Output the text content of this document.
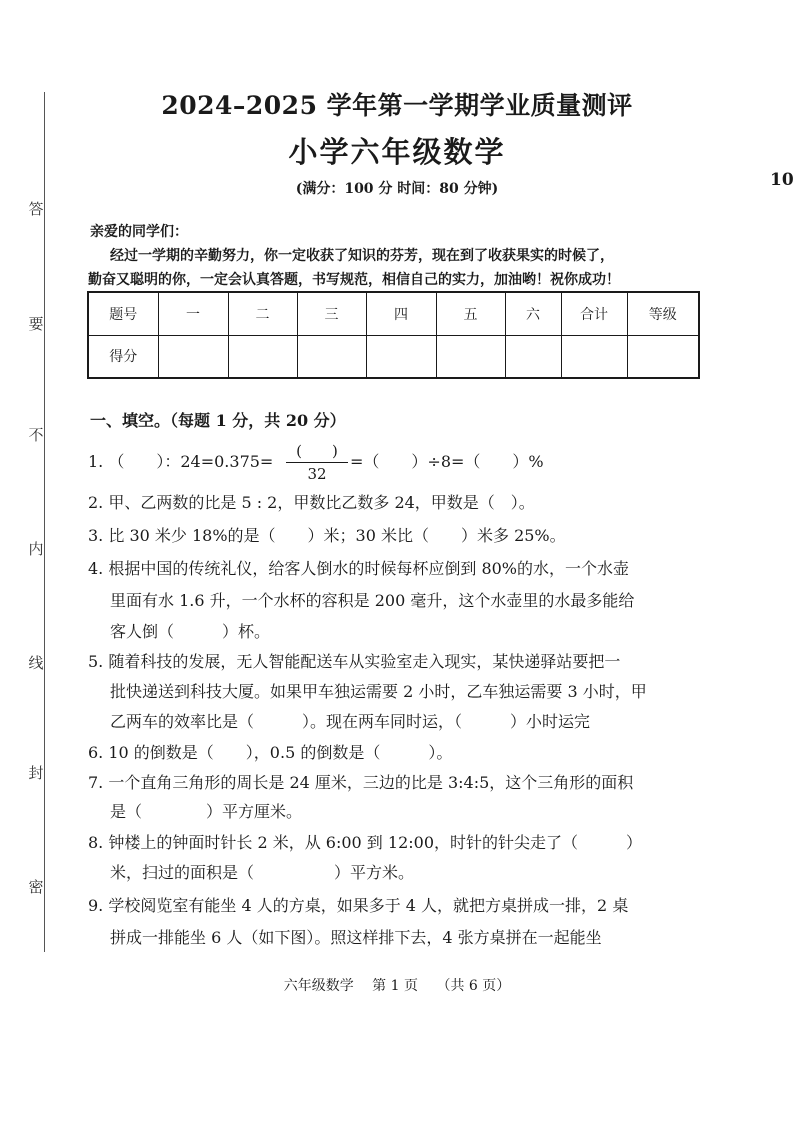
答
要
不
内
线
封
密
2024–2025 学年第一学期学业质量测评
小学六年级数学
(满分：100 分 时间：80 分钟)	10
亲爱的同学们：
经过一学期的辛勤努力，你一定收获了知识的芬芳，现在到了收获果实的时候了，
勤奋又聪明的你，一定会认真答题，书写规范，相信自己的实力，加油哟！祝你成功！
题号	一	二	三	四	五	六	合计	等级
得分								
一、填空。（每题 1 分，共 20 分）
1. （　　）：24=0.375=
(　　)
32
=（　　）÷8=（　　）%
2. 甲、乙两数的比是 5 : 2，甲数比乙数多 24，甲数是（　）。
3. 比 30 米少 18%的是（　　）米；30 米比（　　）米多 25%。
4. 根据中国的传统礼仪，给客人倒水的时候每杯应倒到 80%的水，一个水壶
里面有水 1.6 升，一个水杯的容积是 200 毫升，这个水壶里的水最多能给
客人倒（　　　）杯。
5. 随着科技的发展，无人智能配送车从实验室走入现实，某快递驿站要把一
批快递送到科技大厦。如果甲车独运需要 2 小时，乙车独运需要 3 小时，甲
乙两车的效率比是（　　　）。现在两车同时运，（　　　）小时运完
6. 10 的倒数是（　　），0.5 的倒数是（　　　）。
7. 一个直角三角形的周长是 24 厘米，三边的比是 3:4:5，这个三角形的面积
是（　　　　）平方厘米。
8. 钟楼上的钟面时针长 2 米，从 6:00 到 12:00，时针的针尖走了（　　　）
米，扫过的面积是（　　　　　）平方米。
9. 学校阅览室有能坐 4 人的方桌，如果多于 4 人，就把方桌拼成一排，2 桌
拼成一排能坐 6 人（如下图）。照这样排下去，4 张方桌拼在一起能坐
六年级数学　 第 1 页　 （共 6 页）
